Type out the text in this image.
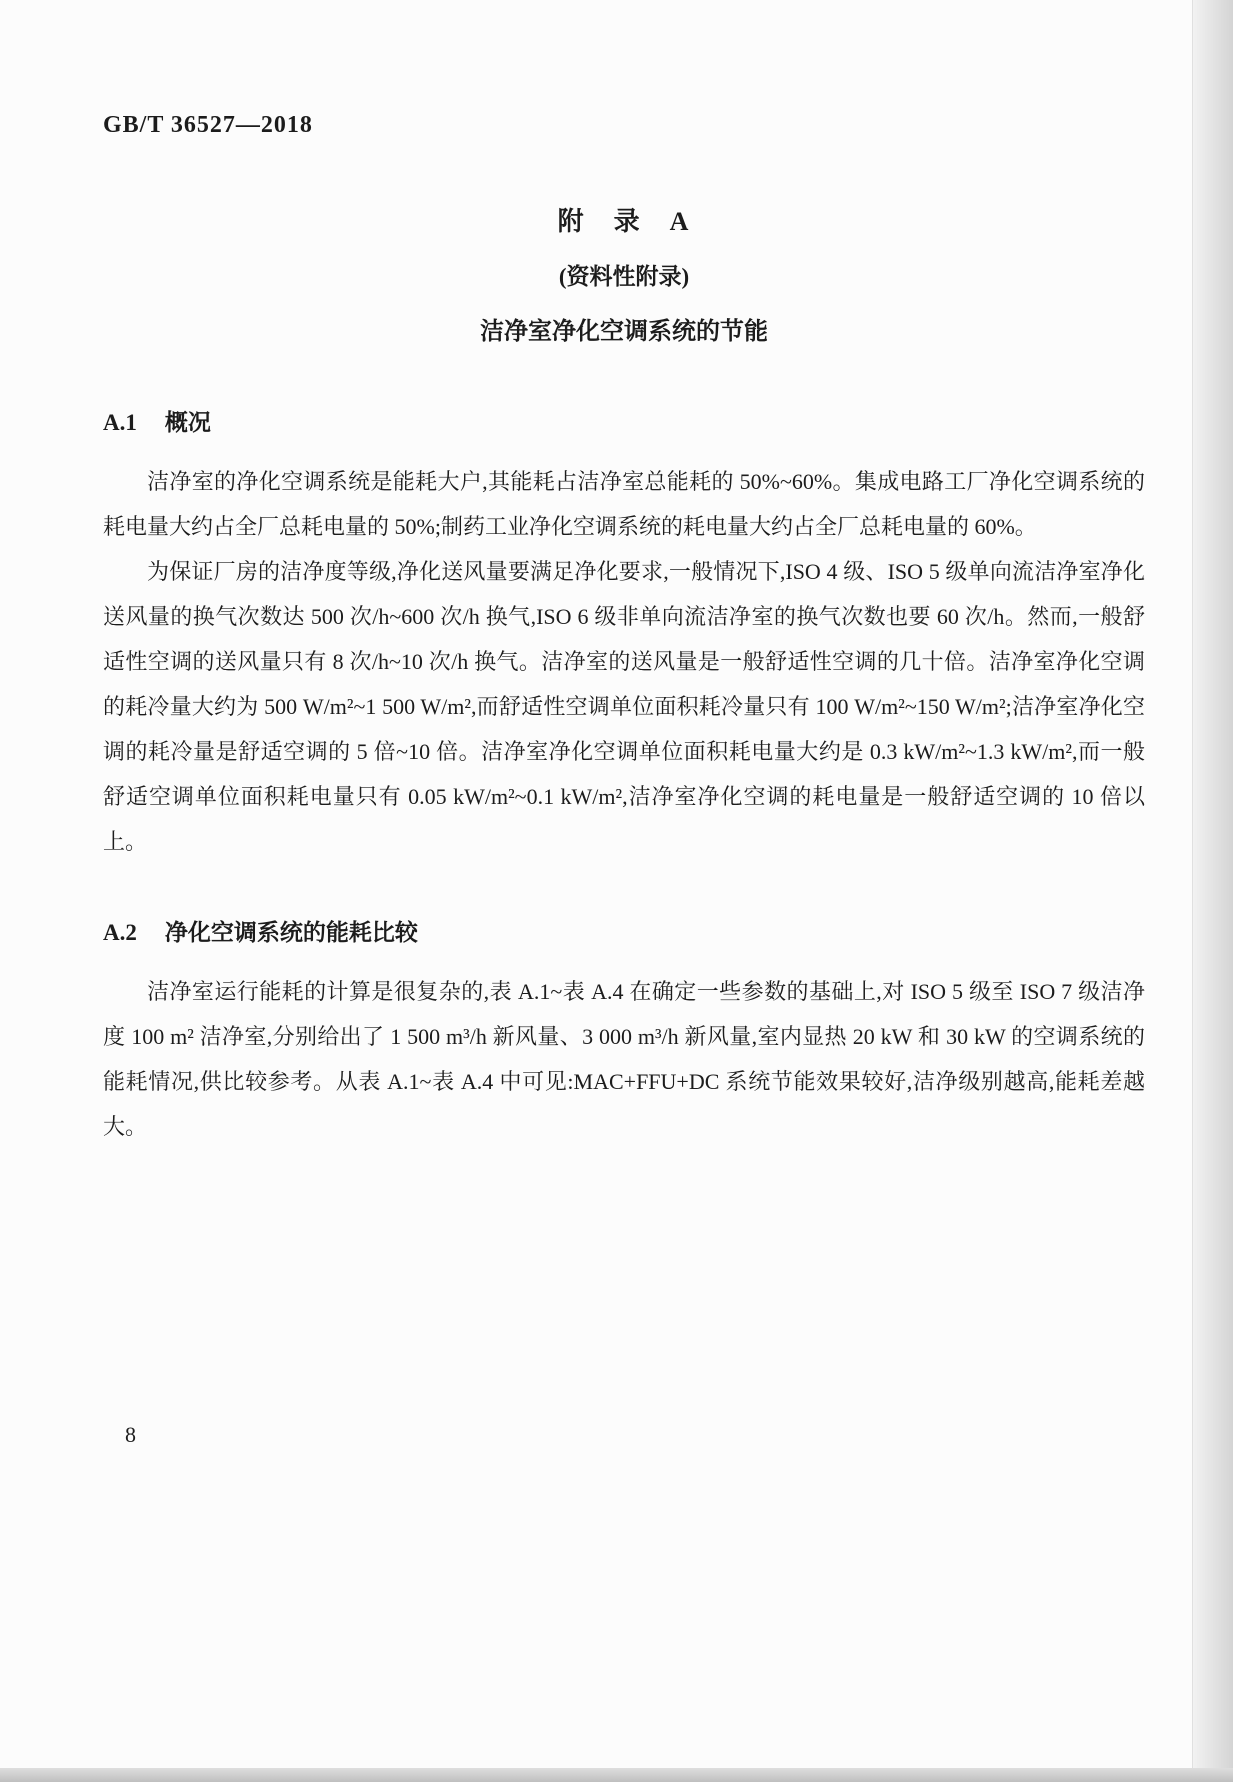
GB/T 36527—2018

附　录　A

(资料性附录)

洁净室净化空调系统的节能

A.1 概况

洁净室的净化空调系统是能耗大户,其能耗占洁净室总能耗的 50%~60%。集成电路工厂净化空调系统的耗电量大约占全厂总耗电量的 50%;制药工业净化空调系统的耗电量大约占全厂总耗电量的 60%。

为保证厂房的洁净度等级,净化送风量要满足净化要求,一般情况下,ISO 4 级、ISO 5 级单向流洁净室净化送风量的换气次数达 500 次/h~600 次/h 换气,ISO 6 级非单向流洁净室的换气次数也要 60 次/h。然而,一般舒适性空调的送风量只有 8 次/h~10 次/h 换气。洁净室的送风量是一般舒适性空调的几十倍。洁净室净化空调的耗冷量大约为 500 W/m²~1 500 W/m²,而舒适性空调单位面积耗冷量只有 100 W/m²~150 W/m²;洁净室净化空调的耗冷量是舒适空调的 5 倍~10 倍。洁净室净化空调单位面积耗电量大约是 0.3 kW/m²~1.3 kW/m²,而一般舒适空调单位面积耗电量只有 0.05 kW/m²~0.1 kW/m²,洁净室净化空调的耗电量是一般舒适空调的 10 倍以上。

A.2 净化空调系统的能耗比较

洁净室运行能耗的计算是很复杂的,表 A.1~表 A.4 在确定一些参数的基础上,对 ISO 5 级至 ISO 7 级洁净度 100 m² 洁净室,分别给出了 1 500 m³/h 新风量、3 000 m³/h 新风量,室内显热 20 kW 和 30 kW 的空调系统的能耗情况,供比较参考。从表 A.1~表 A.4 中可见:MAC+FFU+DC 系统节能效果较好,洁净级别越高,能耗差越大。

8
